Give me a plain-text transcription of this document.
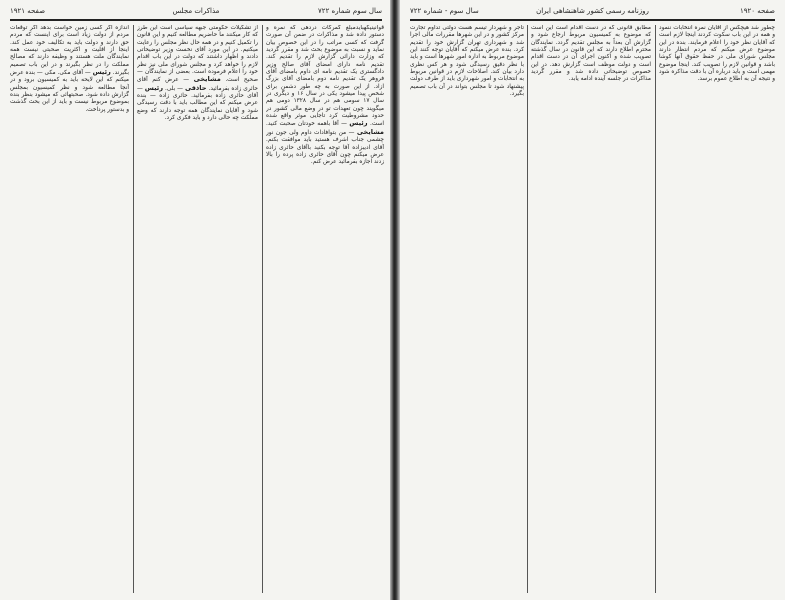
سال سوم شماره ۷۲۲
مذاکرات مجلس
صفحه ۱۹۲۱

قوانینیکهبایدمبلغ گمرکات دردهی که نمره و دستور داده شد و مذاکرات در ضمن آن صورت گرفت که کسی مراتب را در این خصوص بیان نماید و نسبت به موضوع بحث شد و مقرر گردید که وزارت دارائی گزارش لازم را تقدیم کند. تقدیم نامه دارای امضای آقای صالح وزیر دادگستری یک تقدیم نامه ای داوم بامضای آقای فروهر یک تقدیم نامه دوم بامضای آقای بزرگ ازاد. از این صورت به چه طور دشمن برای شخص پیدا میشود یکی در سال ۱۶ و دیگری در سال ۱۷ سومی هم در سال ۱۳۲۸ دومی هم میگویند چون تعهدات تو در وضع مالی کشور در حدود مشروطیت کرد تاجایی موثر واقع شده است. رئیس — آقا باهمه خودتان صحبت کنید. مشایخی — من بتوافادات داوم ولی جون نور چشمی جناب اشرف هستید باید موافقت بکنم. آقای ادیبزاده آقا توجه بکنید باآقای حائری زاده عرض میکنم چون آقای حائری زاده پرده را بالا زدند اجازه بفرمائید عرض کنم.

از تشکیلات حکومتی جبهه سیاسی است این طرز که کار میکنند ما حاضریم مطالعه کنیم و این قانون را تکمیل کنیم و در همه حال نظر مجلس را رعایت میکنیم. در این مورد آقای نخست وزیر توضیحاتی دادند و اظهار داشتند که دولت در این باب اقدام لازم را خواهد کرد و مجلس شورای ملی نیز نظر خود را اعلام فرموده است. بعضی از نمایندگان — صحیح است. مشایخی — عرض کنم آقای حائری زاده بفرمائید. حاذقی — بلی. رئیس — آقای حائری زاده بفرمائید. حائری زاده — بنده عرض میکنم که این مطالب باید با دقت رسیدگی شود و آقایان نمایندگان همه توجه دارند که وضع مملکت چه حالی دارد و باید فکری کرد.

اندازه اگر کسی زمین خواست بدهد اگر توقعات مردم از دولت زیاد است برای اینست که مردم حق دارند و دولت باید به تکالیف خود عمل کند. اینجا از اقلیت و اکثریت صحبتی نیست همه نمایندگان ملت هستند و وظیفه دارند که مصالح مملکت را در نظر بگیرند و در این باب تصمیم بگیرند. رئیس — آقای مکی. مکی — بنده عرض میکنم که این لایحه باید به کمیسیون برود و در آنجا مطالعه شود و نظر کمیسیون بمجلس گزارش داده شود. صحبتهائی که میشود بنظر بنده بموضوع مربوط نیست و باید از این بحث گذشت و بدستور پرداخت.

صفحه ۱۹۲۰
روزنامه رسمی کشور شاهنشاهی ایران
سال سوم - شماره ۷۲۲

تاجر و شهردار تیسم هست دولتی تداوم تجارت مرکز کشور و در این شهرها مقررات مالی اجرا شد و شهرداری تهران گزارش خود را تقدیم کرد. بنده عرض میکنم که آقایان توجه کنند این موضوع مربوط به اداره امور شهرها است و باید با نظر دقیق رسیدگی شود و هر کس نظری دارد بیان کند. اصلاحات لازم در قوانین مربوط به انتخابات و امور شهرداری باید از طرف دولت پیشنهاد شود تا مجلس بتواند در آن باب تصمیم بگیرد.

مطابق قانونی که در دست اقدام است این است که موضوع به کمیسیون مربوط ارجاع شود و گزارش آن بعداً به مجلس تقدیم گردد. نمایندگان محترم اطلاع دارند که این قانون در سال گذشته تصویب شده و اکنون اجرای آن در دست اقدام است و دولت موظف است گزارش دهد. در این خصوص توضیحاتی داده شد و مقرر گردید مذاکرات در جلسه آینده ادامه یابد.

چطور شد هیچکس از آقایان نمره انتخابات ننمود و همه در این باب سکوت کردند اینجا لازم است که آقایان نظر خود را اعلام فرمایند. بنده در این موضوع عرض میکنم که مردم انتظار دارند مجلس شورای ملی در حفظ حقوق آنها کوشا باشد و قوانین لازم را تصویب کند. اینجا موضوع مهمی است و باید درباره آن با دقت مذاکره شود و نتیجه آن به اطلاع عموم برسد.
